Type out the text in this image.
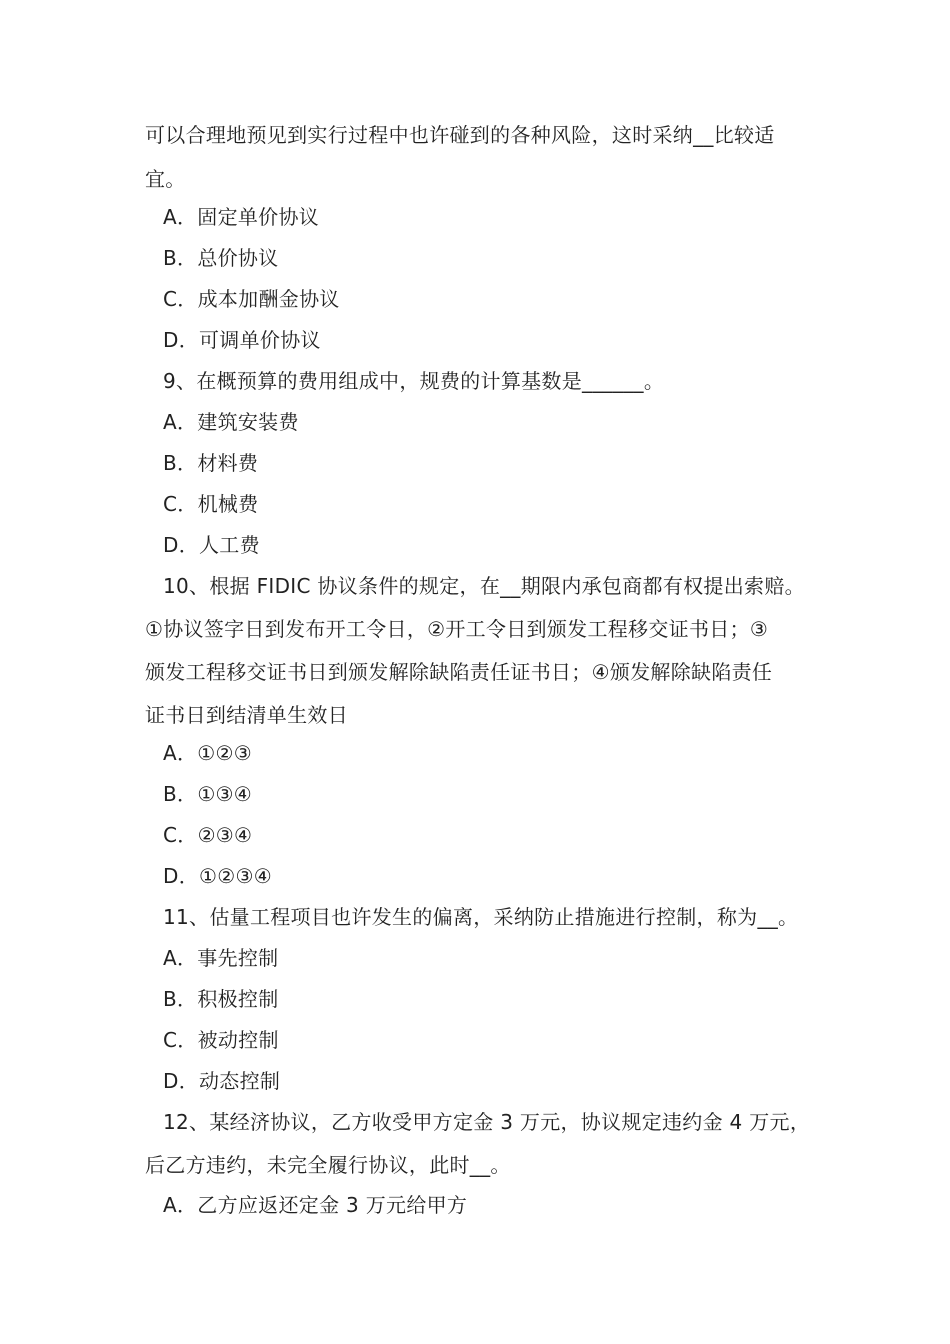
可以合理地预见到实行过程中也许碰到的各种风险，这时采纳__比较适
宜。
A．固定单价协议
B．总价协议
C．成本加酬金协议
D．可调单价协议
9、在概预算的费用组成中，规费的计算基数是______。
A．建筑安装费
B．材料费
C．机械费
D．人工费
10、根据 FIDIC 协议条件的规定，在__期限内承包商都有权提出索赔。
①协议签字日到发布开工令日，②开工令日到颁发工程移交证书日；③
颁发工程移交证书日到颁发解除缺陷责任证书日；④颁发解除缺陷责任
证书日到结清单生效日
A．①②③
B．①③④
C．②③④
D．①②③④
11、估量工程项目也许发生的偏离，采纳防止措施进行控制，称为__。
A．事先控制
B．积极控制
C．被动控制
D．动态控制
12、某经济协议，乙方收受甲方定金 3 万元，协议规定违约金 4 万元，
后乙方违约，未完全履行协议，此时__。
A．乙方应返还定金 3 万元给甲方
